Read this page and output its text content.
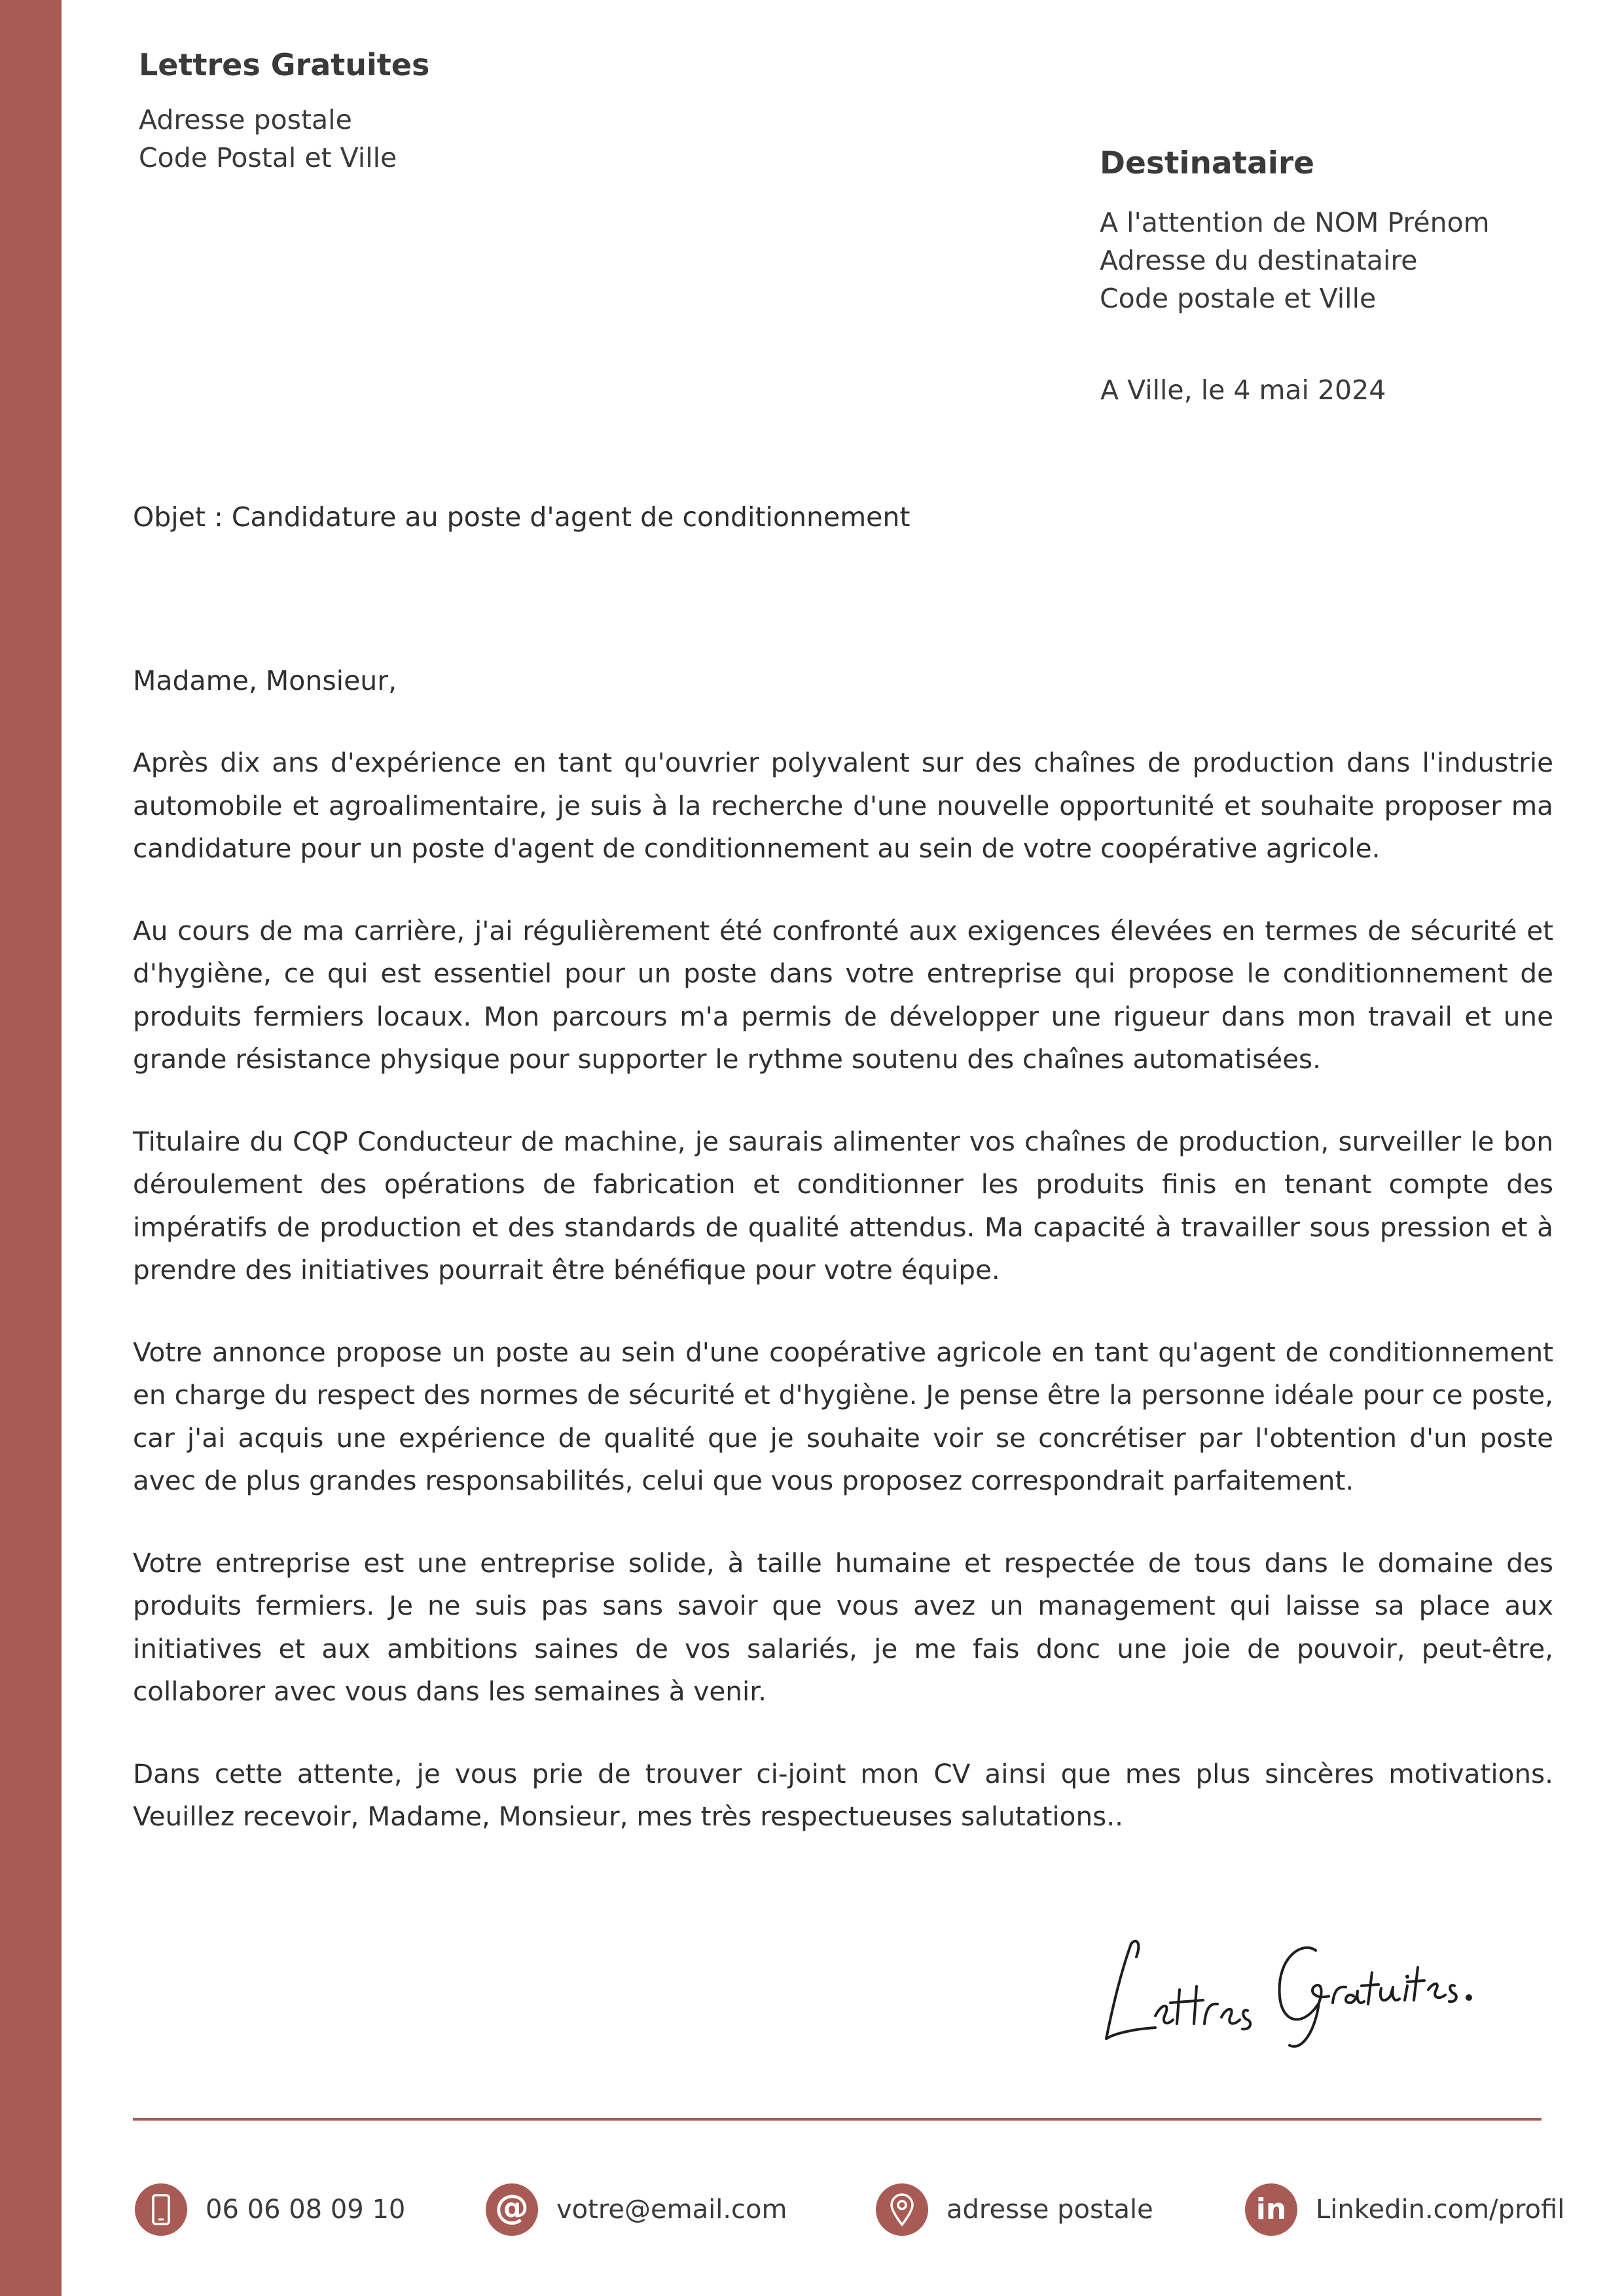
Lettres Gratuites
Adresse postale
Code Postal et Ville	Destinataire
A l'attention de NOM Prénom
Adresse du destinataire
Code postale et Ville
A Ville, le 4 mai 2024
Objet : Candidature au poste d'agent de conditionnement
Madame, Monsieur,

Après dix ans d'expérience en tant qu'ouvrier polyvalent sur des chaînes de production dans l'industrie automobile et agroalimentaire, je suis à la recherche d'une nouvelle opportunité et souhaite proposer ma candidature pour un poste d'agent de conditionnement au sein de votre coopérative agricole.

Au cours de ma carrière, j'ai régulièrement été confronté aux exigences élevées en termes de sécurité et d'hygiène, ce qui est essentiel pour un poste dans votre entreprise qui propose le conditionnement de produits fermiers locaux. Mon parcours m'a permis de développer une rigueur dans mon travail et une grande résistance physique pour supporter le rythme soutenu des chaînes automatisées.

Titulaire du CQP Conducteur de machine, je saurais alimenter vos chaînes de production, surveiller le bon déroulement des opérations de fabrication et conditionner les produits finis en tenant compte des impératifs de production et des standards de qualité attendus. Ma capacité à travailler sous pression et à prendre des initiatives pourrait être bénéfique pour votre équipe.

Votre annonce propose un poste au sein d'une coopérative agricole en tant qu'agent de conditionnement en charge du respect des normes de sécurité et d'hygiène. Je pense être la personne idéale pour ce poste, car j'ai acquis une expérience de qualité que je souhaite voir se concrétiser par l'obtention d'un poste avec de plus grandes responsabilités, celui que vous proposez correspondrait parfaitement.

Votre entreprise est une entreprise solide, à taille humaine et respectée de tous dans le domaine des produits fermiers. Je ne suis pas sans savoir que vous avez un management qui laisse sa place aux initiatives et aux ambitions saines de vos salariés, je me fais donc une joie de pouvoir, peut-être, collaborer avec vous dans les semaines à venir.

Dans cette attente, je vous prie de trouver ci-joint mon CV ainsi que mes plus sincères motivations. Veuillez recevoir, Madame, Monsieur, mes très respectueuses salutations..

06 06 08 09 10	@ votre@email.com	adresse postale	in Linkedin.com/profil
